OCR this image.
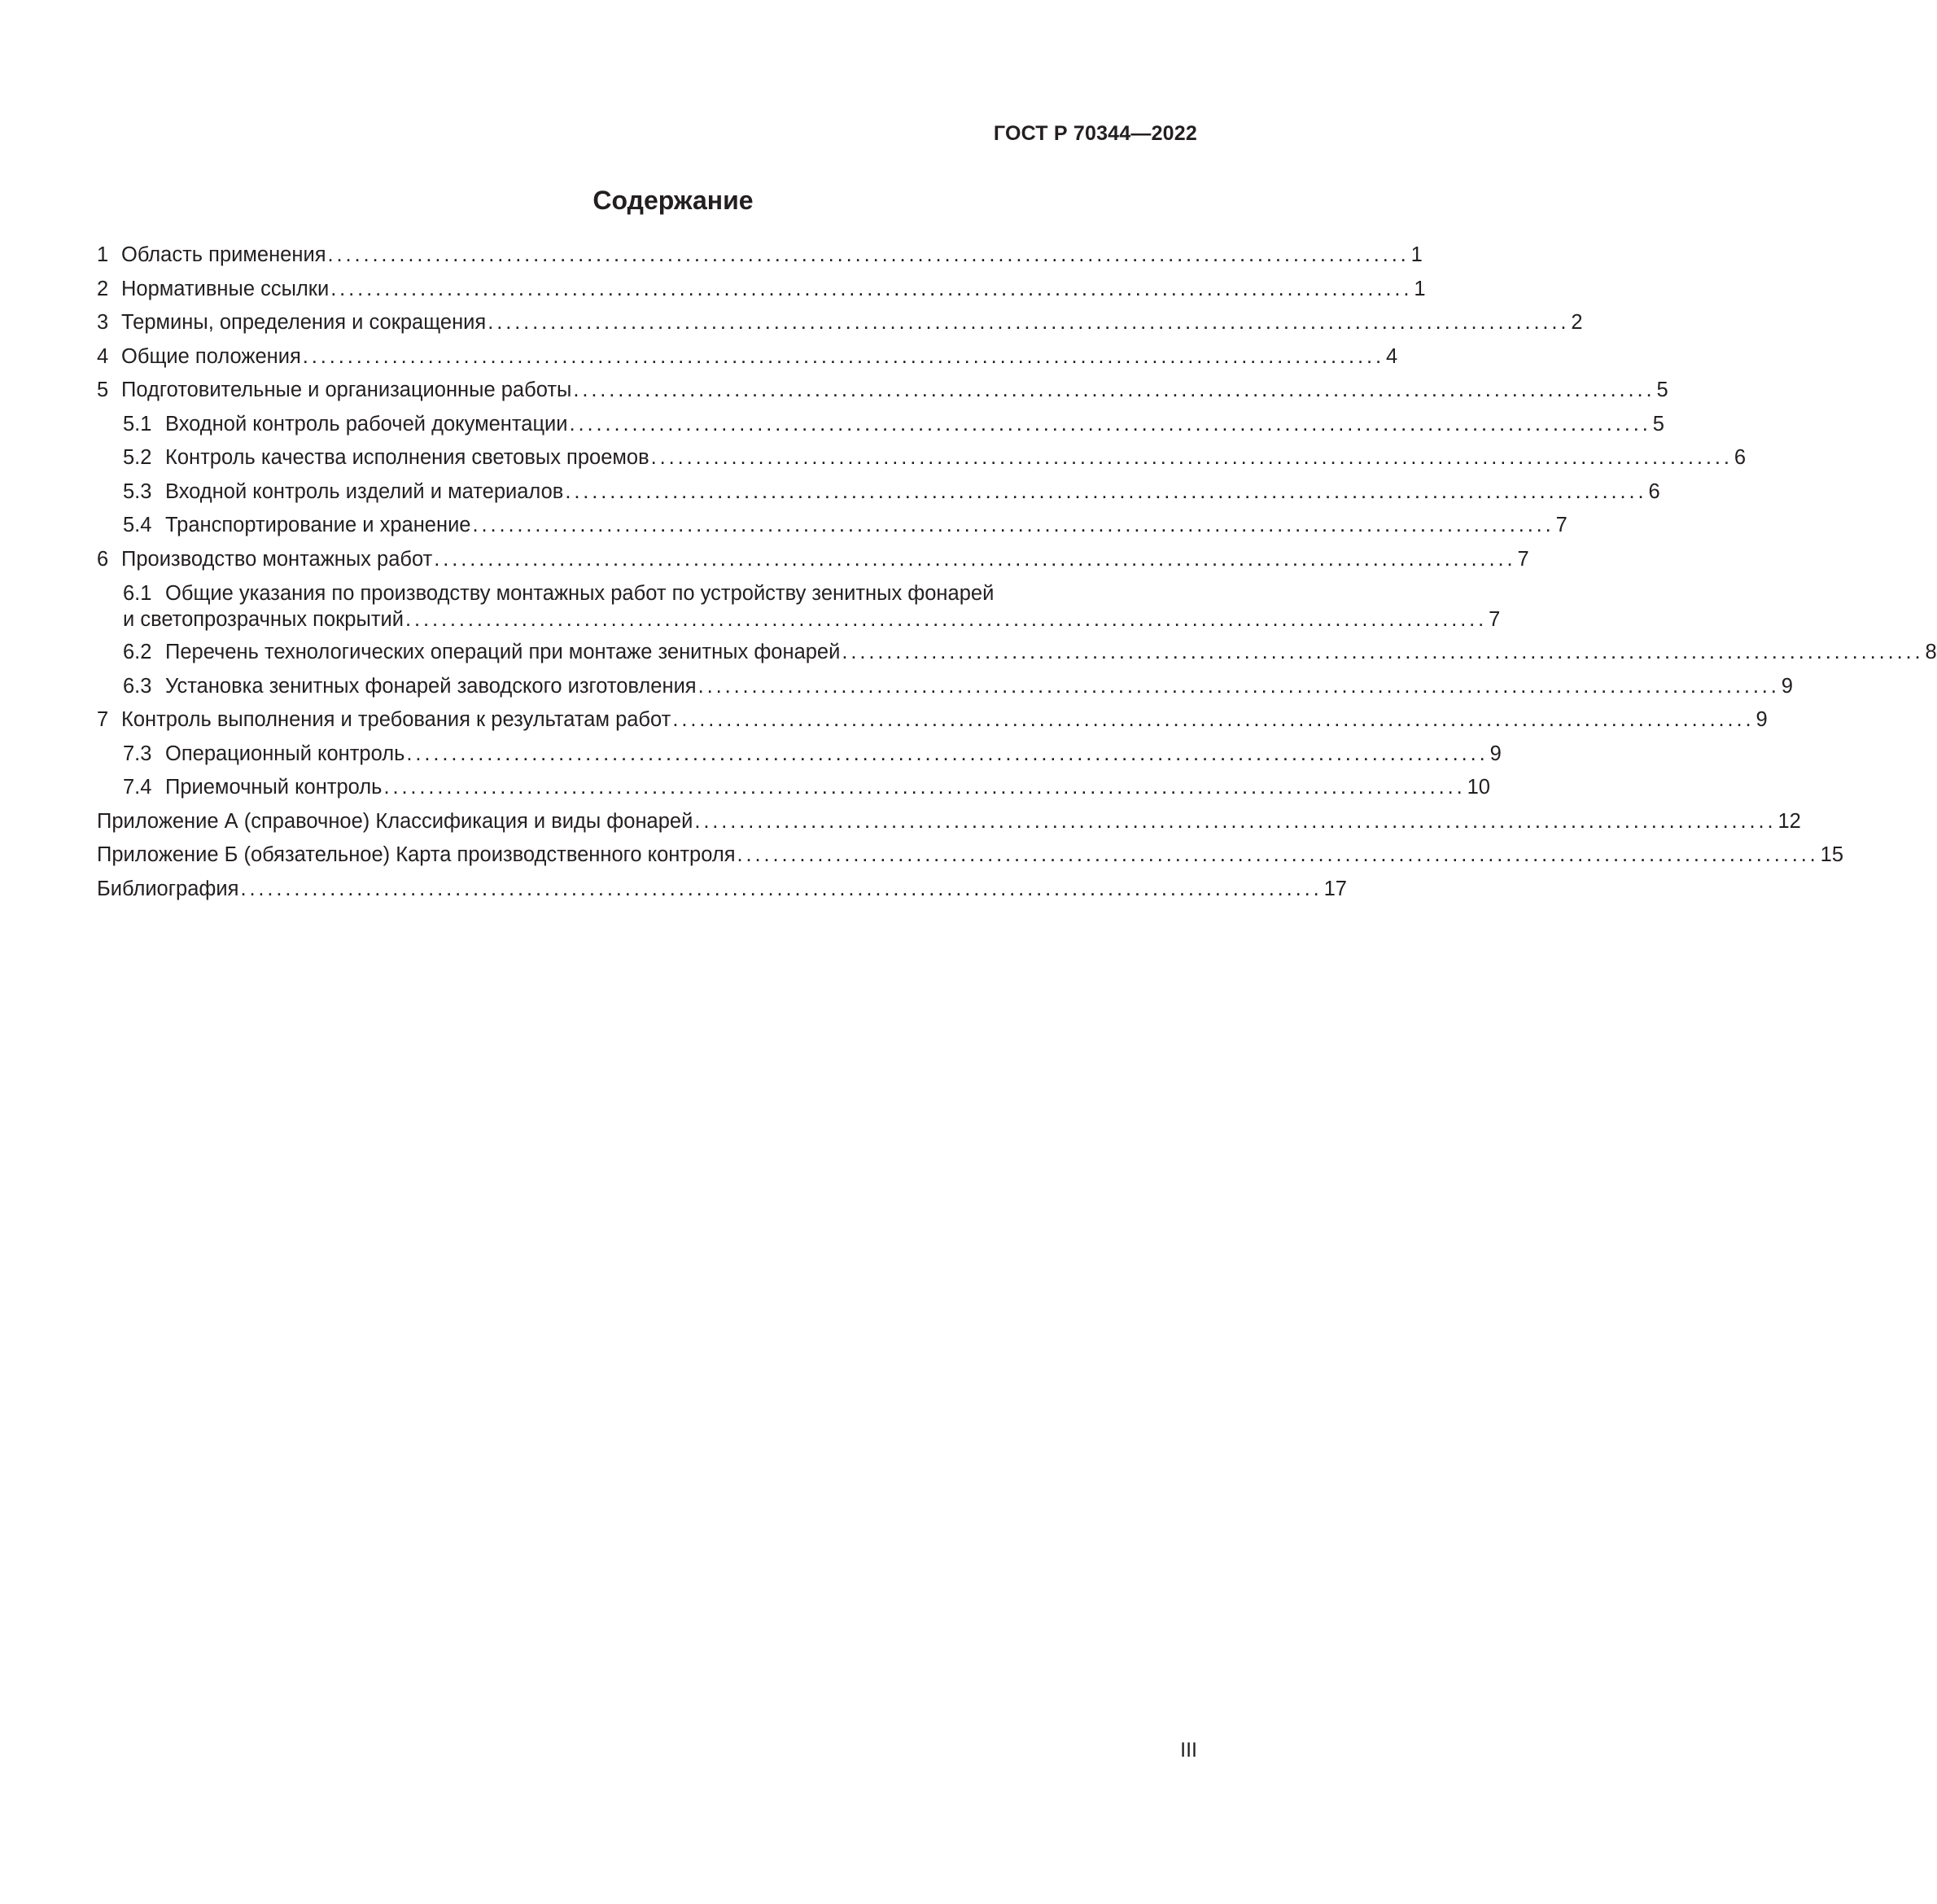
ГОСТ Р 70344—2022
Содержание
1 Область применения ......................................................................................................................... 1
2 Нормативные ссылки ......................................................................................................................... 1
3 Термины, определения и сокращения ......................................................................................................................... 2
4 Общие положения ......................................................................................................................... 4
5 Подготовительные и организационные работы ......................................................................................................................... 5
5.1 Входной контроль рабочей документации ......................................................................................................................... 5
5.2 Контроль качества исполнения световых проемов ......................................................................................................................... 6
5.3 Входной контроль изделий и материалов ......................................................................................................................... 6
5.4 Транспортирование и хранение ......................................................................................................................... 7
6 Производство монтажных работ ......................................................................................................................... 7
6.1 Общие указания по производству монтажных работ по устройству зенитных фонарей
и светопрозрачных покрытий ......................................................................................................................... 7
6.2 Перечень технологических операций при монтаже зенитных фонарей ......................................................................................................................... 8
6.3 Установка зенитных фонарей заводского изготовления ......................................................................................................................... 9
7 Контроль выполнения и требования к результатам работ ......................................................................................................................... 9
7.3 Операционный контроль ......................................................................................................................... 9
7.4 Приемочный контроль ......................................................................................................................... 10
Приложение А (справочное) Классификация и виды фонарей ......................................................................................................................... 12
Приложение Б (обязательное) Карта производственного контроля ......................................................................................................................... 15
Библиография ......................................................................................................................... 17
III
